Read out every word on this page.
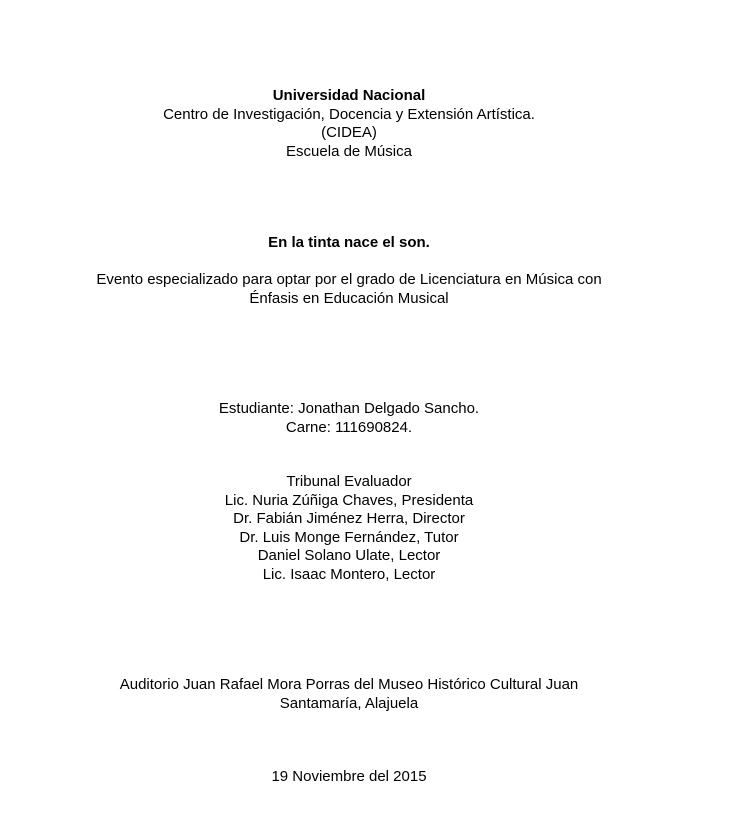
Universidad Nacional
Centro de Investigación, Docencia y Extensión Artística.
(CIDEA)
Escuela de Música
En la tinta nace el son.
Evento especializado para optar por el grado de Licenciatura en Música con
Énfasis en Educación Musical
Estudiante: Jonathan Delgado Sancho.
Carne: 111690824.
Tribunal Evaluador
Lic. Nuria Zúñiga Chaves, Presidenta
Dr. Fabián Jiménez Herra, Director
Dr. Luis Monge Fernández, Tutor
Daniel Solano Ulate, Lector
Lic. Isaac Montero, Lector
Auditorio Juan Rafael Mora Porras del Museo Histórico Cultural Juan
Santamaría, Alajuela
19 Noviembre del 2015
